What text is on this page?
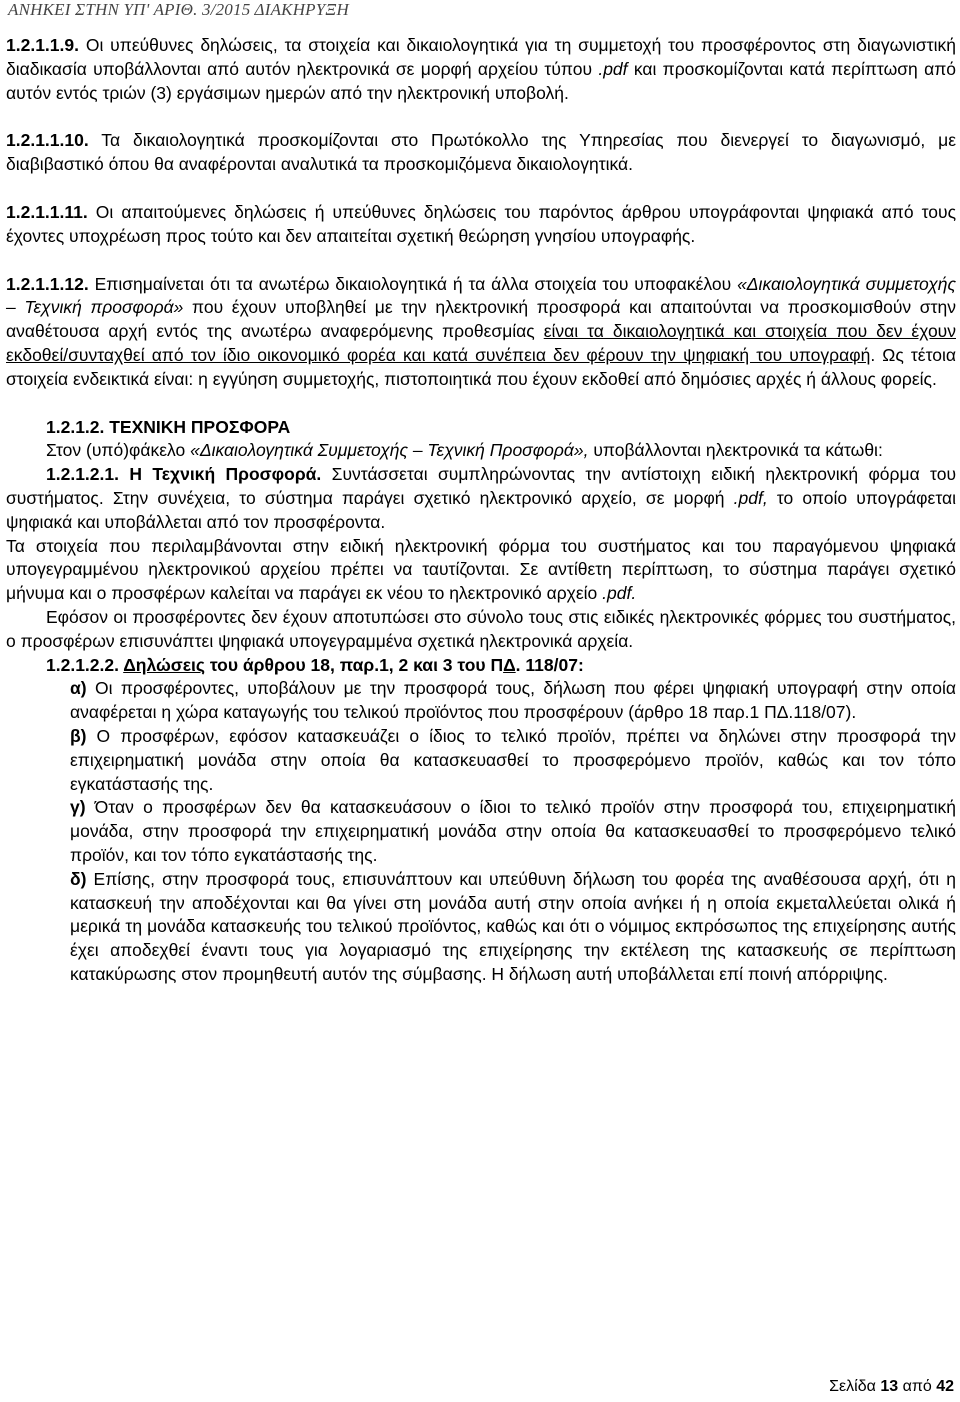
ΑΝΗΚΕΙ ΣΤΗΝ ΥΠ' ΑΡΙΘ. 3/2015 ΔΙΑΚΗΡΥΞΗ

1.2.1.1.9. Οι υπεύθυνες δηλώσεις, τα στοιχεία και δικαιολογητικά για τη συμμετοχή του προσφέροντος στη διαγωνιστική διαδικασία υποβάλλονται από αυτόν ηλεκτρονικά σε μορφή αρχείου τύπου .pdf και προσκομίζονται κατά περίπτωση από αυτόν εντός τριών (3) εργάσιμων ημερών από την ηλεκτρονική υποβολή.

1.2.1.1.10. Τα δικαιολογητικά προσκομίζονται στο Πρωτόκολλο της Υπηρεσίας που διενεργεί το διαγωνισμό, με διαβιβαστικό όπου θα αναφέρονται αναλυτικά τα προσκομιζόμενα δικαιολογητικά.

1.2.1.1.11. Οι απαιτούμενες δηλώσεις ή υπεύθυνες δηλώσεις του παρόντος άρθρου υπογράφονται ψηφιακά από τους έχοντες υποχρέωση προς τούτο και δεν απαιτείται σχετική θεώρηση γνησίου υπογραφής.

1.2.1.1.12. Επισημαίνεται ότι τα ανωτέρω δικαιολογητικά ή τα άλλα στοιχεία του υποφακέλου «Δικαιολογητικά συμμετοχής – Τεχνική προσφορά» που έχουν υποβληθεί με την ηλεκτρονική προσφορά και απαιτούνται να προσκομισθούν στην αναθέτουσα αρχή εντός της ανωτέρω αναφερόμενης προθεσμίας είναι τα δικαιολογητικά και στοιχεία που δεν έχουν εκδοθεί/συνταχθεί από τον ίδιο οικονομικό φορέα και κατά συνέπεια δεν φέρουν την ψηφιακή του υπογραφή. Ως τέτοια στοιχεία ενδεικτικά είναι: η εγγύηση συμμετοχής, πιστοποιητικά που έχουν εκδοθεί από δημόσιες αρχές ή άλλους φορείς.

1.2.1.2. ΤΕΧΝΙΚΗ ΠΡΟΣΦΟΡΑ

Στον (υπό)φάκελο «Δικαιολογητικά Συμμετοχής – Τεχνική Προσφορά», υποβάλλονται ηλεκτρονικά τα κάτωθι:

1.2.1.2.1. Η Τεχνική Προσφορά. Συντάσσεται συμπληρώνοντας την αντίστοιχη ειδική ηλεκτρονική φόρμα του συστήματος. Στην συνέχεια, το σύστημα παράγει σχετικό ηλεκτρονικό αρχείο, σε μορφή .pdf, το οποίο υπογράφεται ψηφιακά και υποβάλλεται από τον προσφέροντα.

Τα στοιχεία που περιλαμβάνονται στην ειδική ηλεκτρονική φόρμα του συστήματος και του παραγόμενου ψηφιακά υπογεγραμμένου ηλεκτρονικού αρχείου πρέπει να ταυτίζονται. Σε αντίθετη περίπτωση, το σύστημα παράγει σχετικό μήνυμα και ο προσφέρων καλείται να παράγει εκ νέου το ηλεκτρονικό αρχείο .pdf.

Εφόσον οι προσφέροντες δεν έχουν αποτυπώσει στο σύνολο τους στις ειδικές ηλεκτρονικές φόρμες του συστήματος, ο προσφέρων επισυνάπτει ψηφιακά υπογεγραμμένα σχετικά ηλεκτρονικά αρχεία.

1.2.1.2.2. Δηλώσεις του άρθρου 18, παρ.1, 2 και 3 του ΠΔ. 118/07:

α) Οι προσφέροντες, υποβάλουν με την προσφορά τους, δήλωση που φέρει ψηφιακή υπογραφή στην οποία αναφέρεται η χώρα καταγωγής του τελικού προϊόντος που προσφέρουν (άρθρο 18 παρ.1 ΠΔ.118/07).

β) Ο προσφέρων, εφόσον κατασκευάζει ο ίδιος το τελικό προϊόν, πρέπει να δηλώνει στην προσφορά την επιχειρηματική μονάδα στην οποία θα κατασκευασθεί το προσφερόμενο προϊόν, καθώς και τον τόπο εγκατάστασής της.

γ) Όταν ο προσφέρων δεν θα κατασκευάσουν ο ίδιοι το τελικό προϊόν στην προσφορά του, επιχειρηματική μονάδα, στην προσφορά την επιχειρηματική μονάδα στην οποία θα κατασκευασθεί το προσφερόμενο τελικό προϊόν, και τον τόπο εγκατάστασής της.

δ) Επίσης, στην προσφορά τους, επισυνάπτουν και υπεύθυνη δήλωση του φορέα της αναθέσουσα αρχή, ότι η κατασκευή την αποδέχονται και θα γίνει στη μονάδα αυτή στην οποία ανήκει ή η οποία εκμεταλλεύεται ολικά ή μερικά τη μονάδα κατασκευής του τελικού προϊόντος, καθώς και ότι ο νόμιμος εκπρόσωπος της επιχείρησης αυτής έχει αποδεχθεί έναντι τους για λογαριασμό της επιχείρησης την εκτέλεση της κατασκευής σε περίπτωση κατακύρωσης στον προμηθευτή αυτόν της σύμβασης. Η δήλωση αυτή υποβάλλεται επί ποινή απόρριψης.

Σελίδα 13 από 42
